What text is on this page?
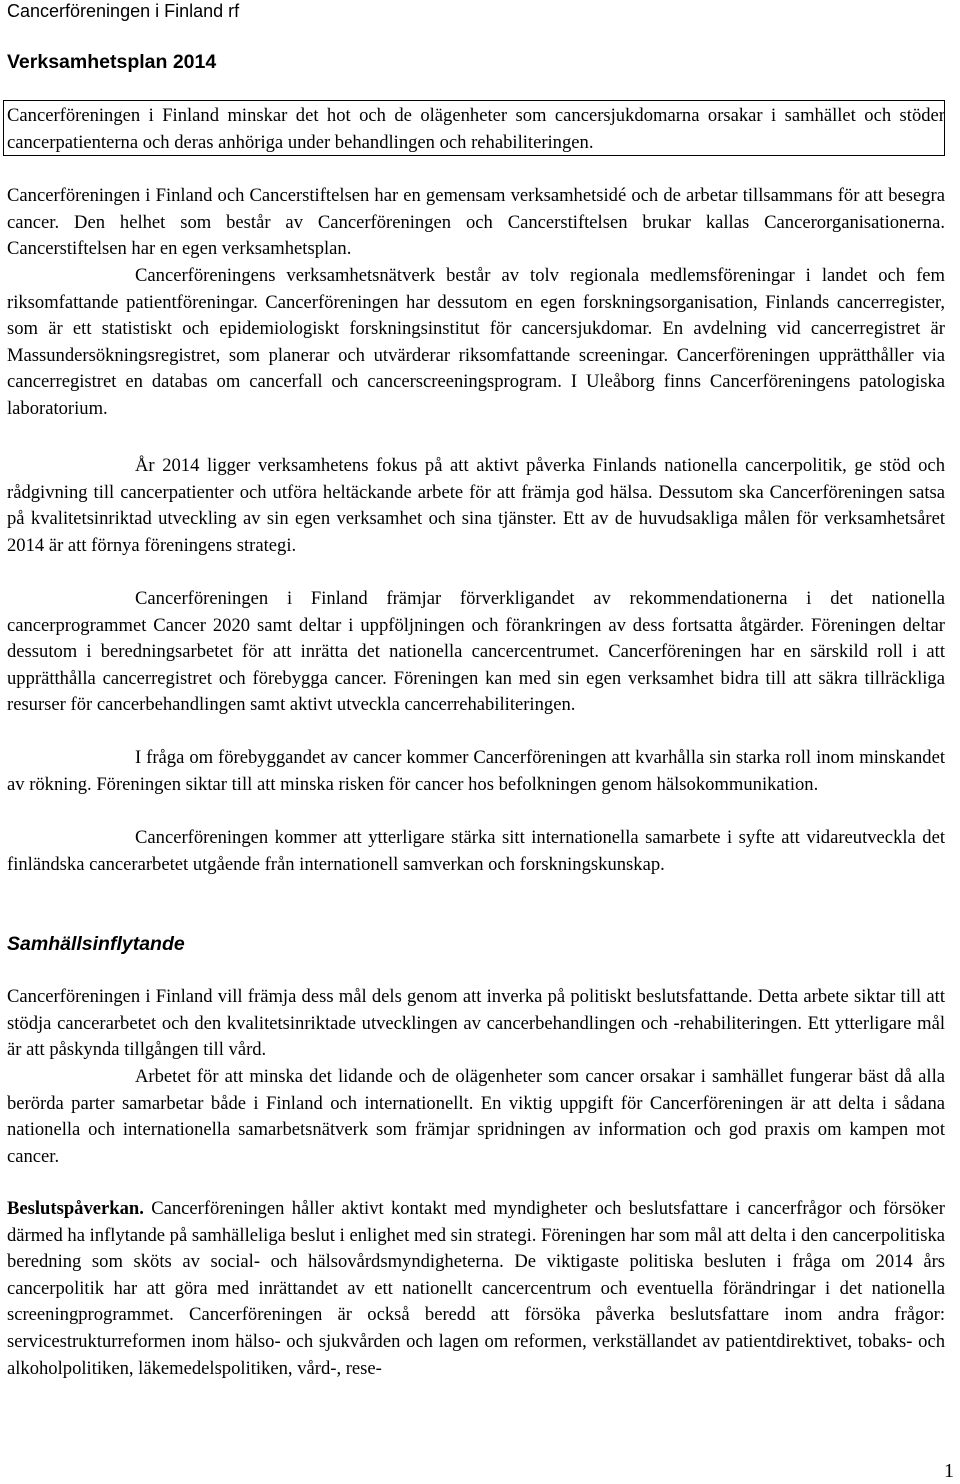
Cancerföreningen i Finland rf
Verksamhetsplan 2014

Cancerföreningen i Finland minskar det hot och de olägenheter som cancersjukdomarna orsakar i samhället och stöder cancerpatienterna och deras anhöriga under behandlingen och rehabiliteringen.

Cancerföreningen i Finland och Cancerstiftelsen har en gemensam verksamhetsidé och de arbetar tillsammans för att besegra cancer. Den helhet som består av Cancerföreningen och Cancerstiftelsen brukar kallas Cancerorganisationerna. Cancerstiftelsen har en egen verksamhetsplan.

Cancerföreningens verksamhetsnätverk består av tolv regionala medlemsföreningar i landet och fem riksomfattande patientföreningar. Cancerföreningen har dessutom en egen forskningsorganisation, Finlands cancerregister, som är ett statistiskt och epidemiologiskt forskningsinstitut för cancersjukdomar. En avdelning vid cancerregistret är Massundersökningsregistret, som planerar och utvärderar riksomfattande screeningar. Cancerföreningen upprätthåller via cancerregistret en databas om cancerfall och cancerscreeningsprogram. I Uleåborg finns Cancerföreningens patologiska laboratorium.

År 2014 ligger verksamhetens fokus på att aktivt påverka Finlands nationella cancerpolitik, ge stöd och rådgivning till cancerpatienter och utföra heltäckande arbete för att främja god hälsa. Dessutom ska Cancerföreningen satsa på kvalitetsinriktad utveckling av sin egen verksamhet och sina tjänster. Ett av de huvudsakliga målen för verksamhetsåret 2014 är att förnya föreningens strategi.

Cancerföreningen i Finland främjar förverkligandet av rekommendationerna i det nationella cancerprogrammet Cancer 2020 samt deltar i uppföljningen och förankringen av dess fortsatta åtgärder. Föreningen deltar dessutom i beredningsarbetet för att inrätta det nationella cancercentrumet. Cancerföreningen har en särskild roll i att upprätthålla cancerregistret och förebygga cancer. Föreningen kan med sin egen verksamhet bidra till att säkra tillräckliga resurser för cancerbehandlingen samt aktivt utveckla cancerrehabiliteringen.

I fråga om förebyggandet av cancer kommer Cancerföreningen att kvarhålla sin starka roll inom minskandet av rökning. Föreningen siktar till att minska risken för cancer hos befolkningen genom hälsokommunikation.

Cancerföreningen kommer att ytterligare stärka sitt internationella samarbete i syfte att vidareutveckla det finländska cancerarbetet utgående från internationell samverkan och forskningskunskap.

Samhällsinflytande

Cancerföreningen i Finland vill främja dess mål dels genom att inverka på politiskt beslutsfattande. Detta arbete siktar till att stödja cancerarbetet och den kvalitetsinriktade utvecklingen av cancerbehandlingen och -rehabiliteringen. Ett ytterligare mål är att påskynda tillgången till vård.

Arbetet för att minska det lidande och de olägenheter som cancer orsakar i samhället fungerar bäst då alla berörda parter samarbetar både i Finland och internationellt. En viktig uppgift för Cancerföreningen är att delta i sådana nationella och internationella samarbetsnätverk som främjar spridningen av information och god praxis om kampen mot cancer.

Beslutspåverkan. Cancerföreningen håller aktivt kontakt med myndigheter och beslutsfattare i cancerfrågor och försöker därmed ha inflytande på samhälleliga beslut i enlighet med sin strategi. Föreningen har som mål att delta i den cancerpolitiska beredning som sköts av social- och hälsovårdsmyndigheterna. De viktigaste politiska besluten i fråga om 2014 års cancerpolitik har att göra med inrättandet av ett nationellt cancercentrum och eventuella förändringar i det nationella screeningprogrammet. Cancerföreningen är också beredd att försöka påverka beslutsfattare inom andra frågor: servicestrukturreformen inom hälso- och sjukvården och lagen om reformen, verkställandet av patientdirektivet, tobaks- och alkoholpolitiken, läkemedelspolitiken, vård-, rese-

1
